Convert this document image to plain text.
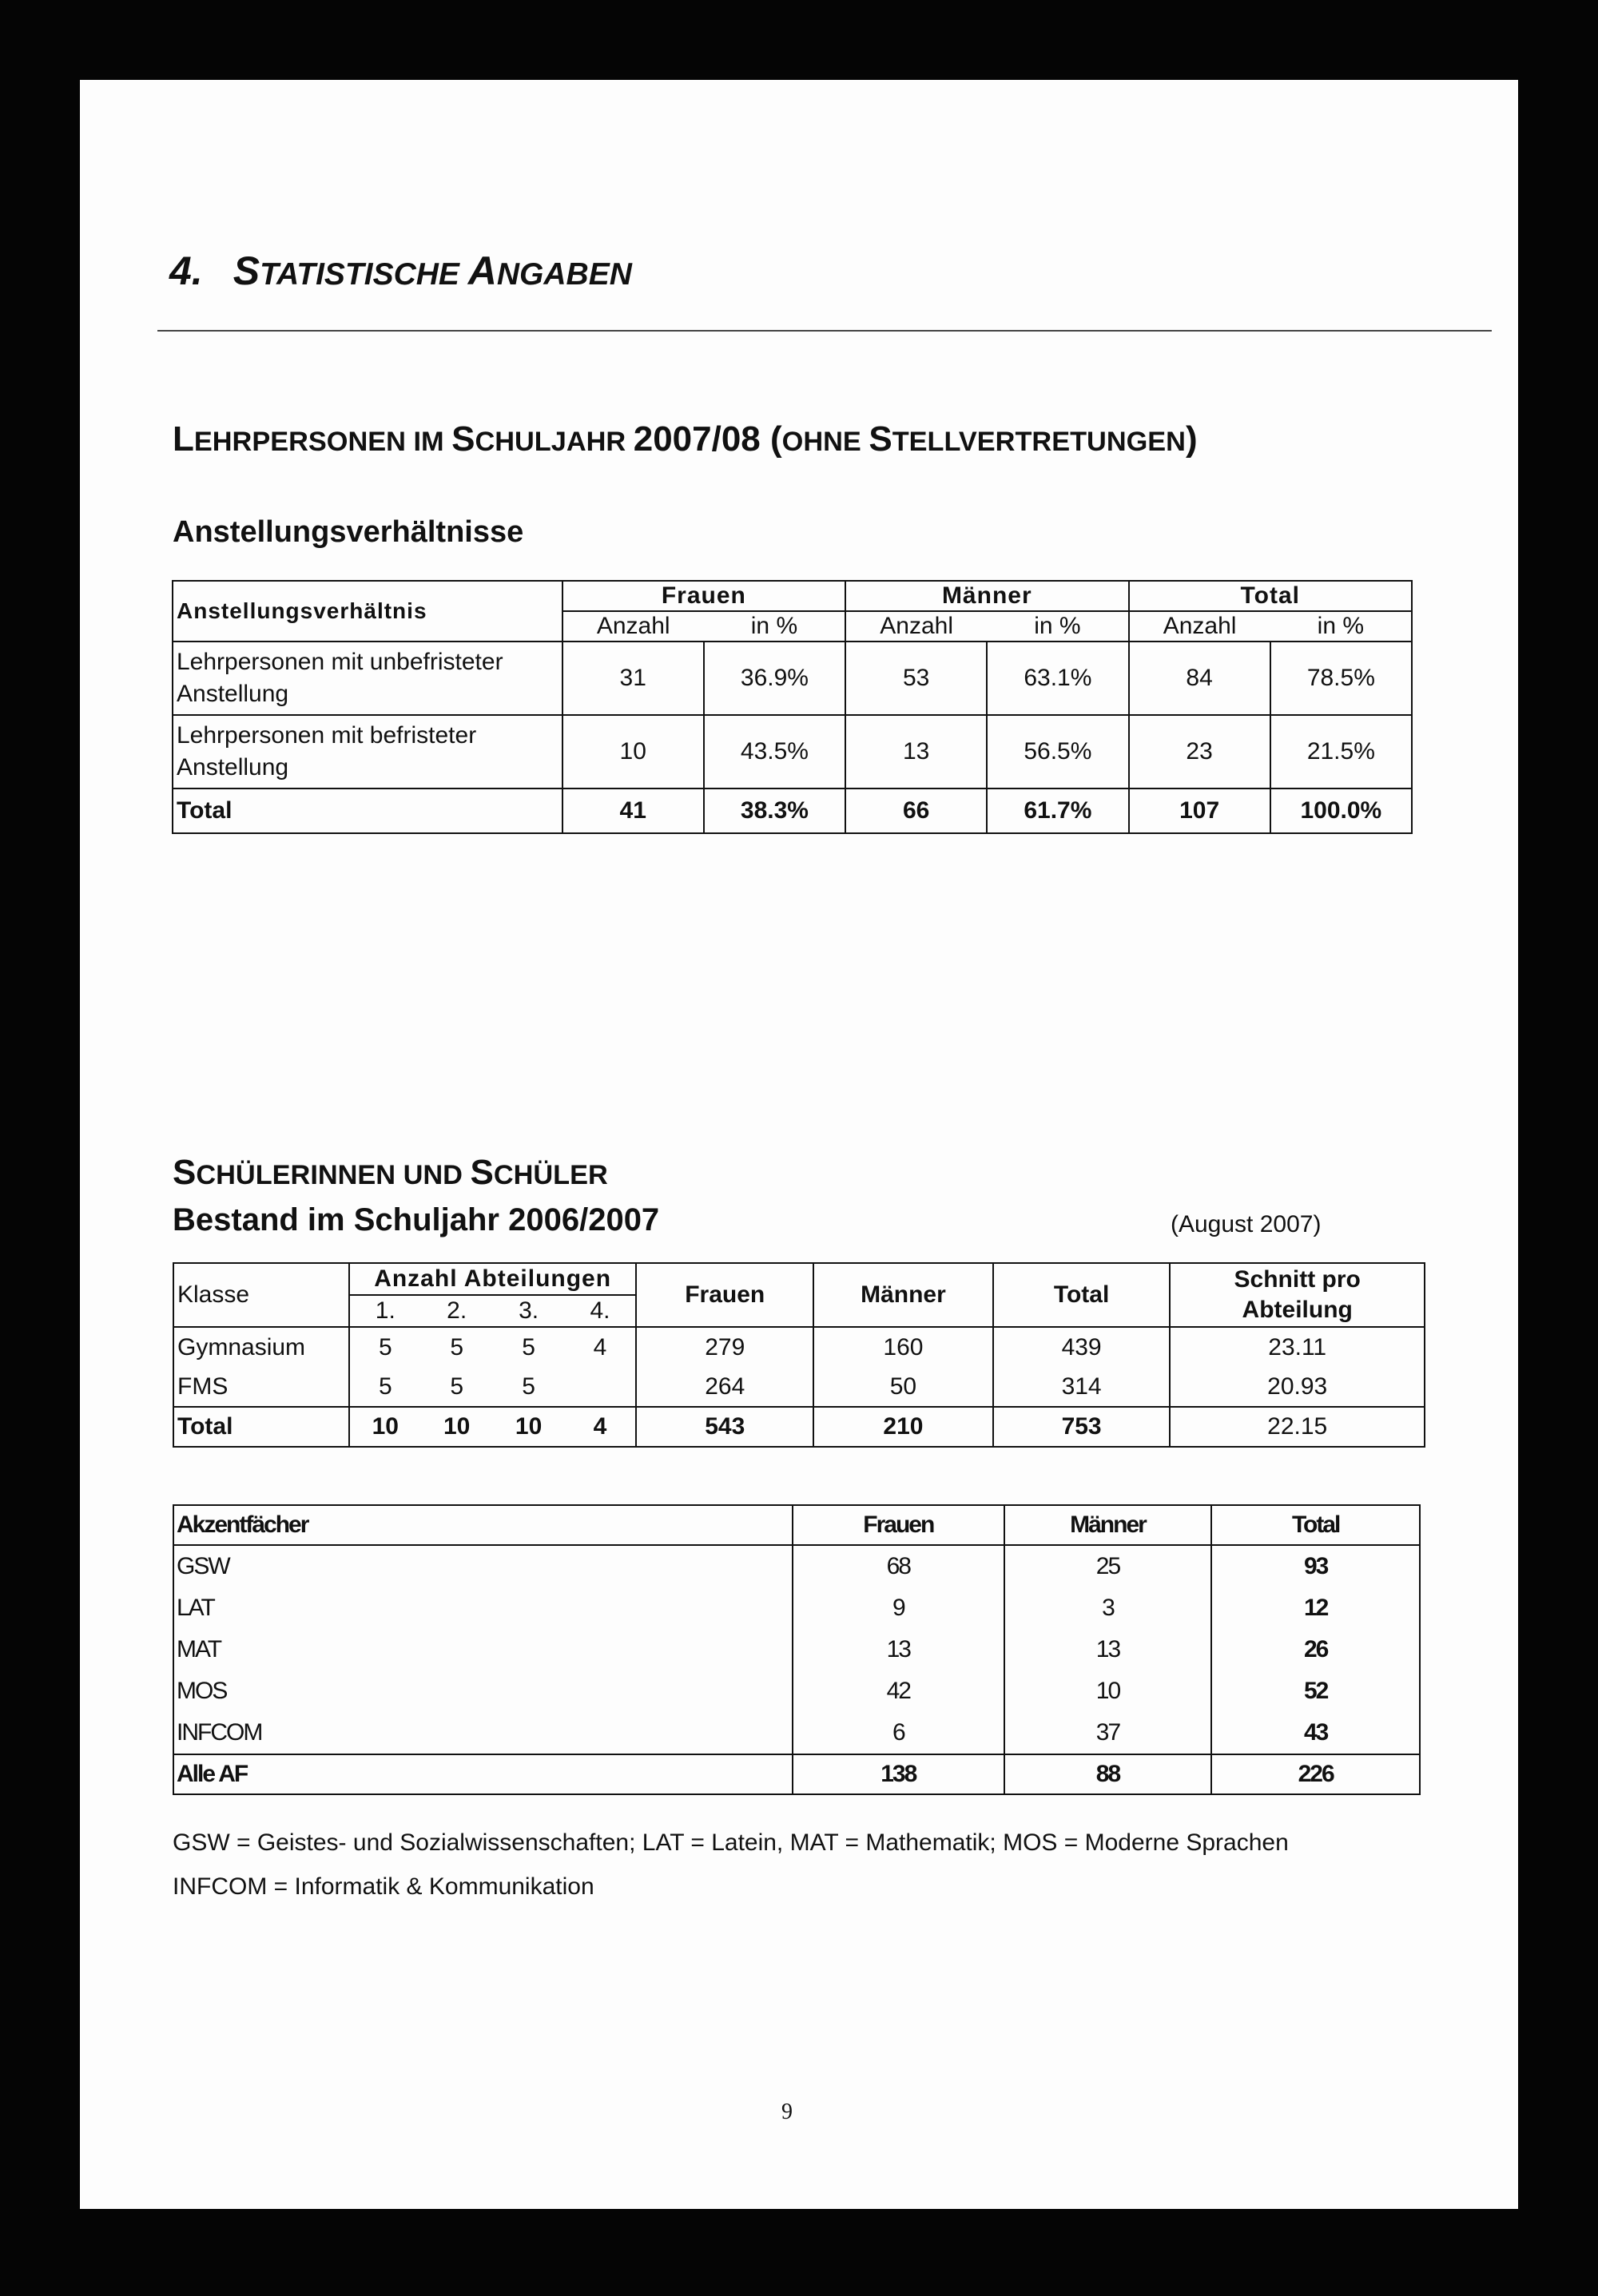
4. STATISTISCHE ANGABEN
LEHRPERSONEN IM SCHULJAHR 2007/08 (OHNE STELLVERTRETUNGEN)
Anstellungsverhältnisse
Anstellungsverhältnis	Frauen		Männer		Total	
	Anzahl	in %	Anzahl	in %	Anzahl	in %
Lehrpersonen mit unbefristeter
Anstellung	31	36.9%	53	63.1%	84	78.5%
Lehrpersonen mit befristeter
Anstellung	10	43.5%	13	56.5%	23	21.5%
Total	41	38.3%	66	61.7%	107	100.0%
SCHÜLERINNEN UND SCHÜLER
Bestand im Schuljahr 2006/2007	(August 2007)
Klasse	Anzahl Abteilungen				Frauen	Männer	Total	Schnitt pro
Abteilung
	1.	2.	3.	4.				
Gymnasium	5	5	5	4	279	160	439	23.11
FMS	5	5	5		264	50	314	20.93
Total	10	10	10	4	543	210	753	22.15
Akzentfächer	Frauen	Männer	Total
GSW	68	25	93
LAT	9	3	12
MAT	13	13	26
MOS	42	10	52
INFCOM	6	37	43
Alle AF	138	88	226
GSW = Geistes- und Sozialwissenschaften; LAT = Latein, MAT = Mathematik; MOS = Moderne Sprachen
INFCOM = Informatik & Kommunikation
9
